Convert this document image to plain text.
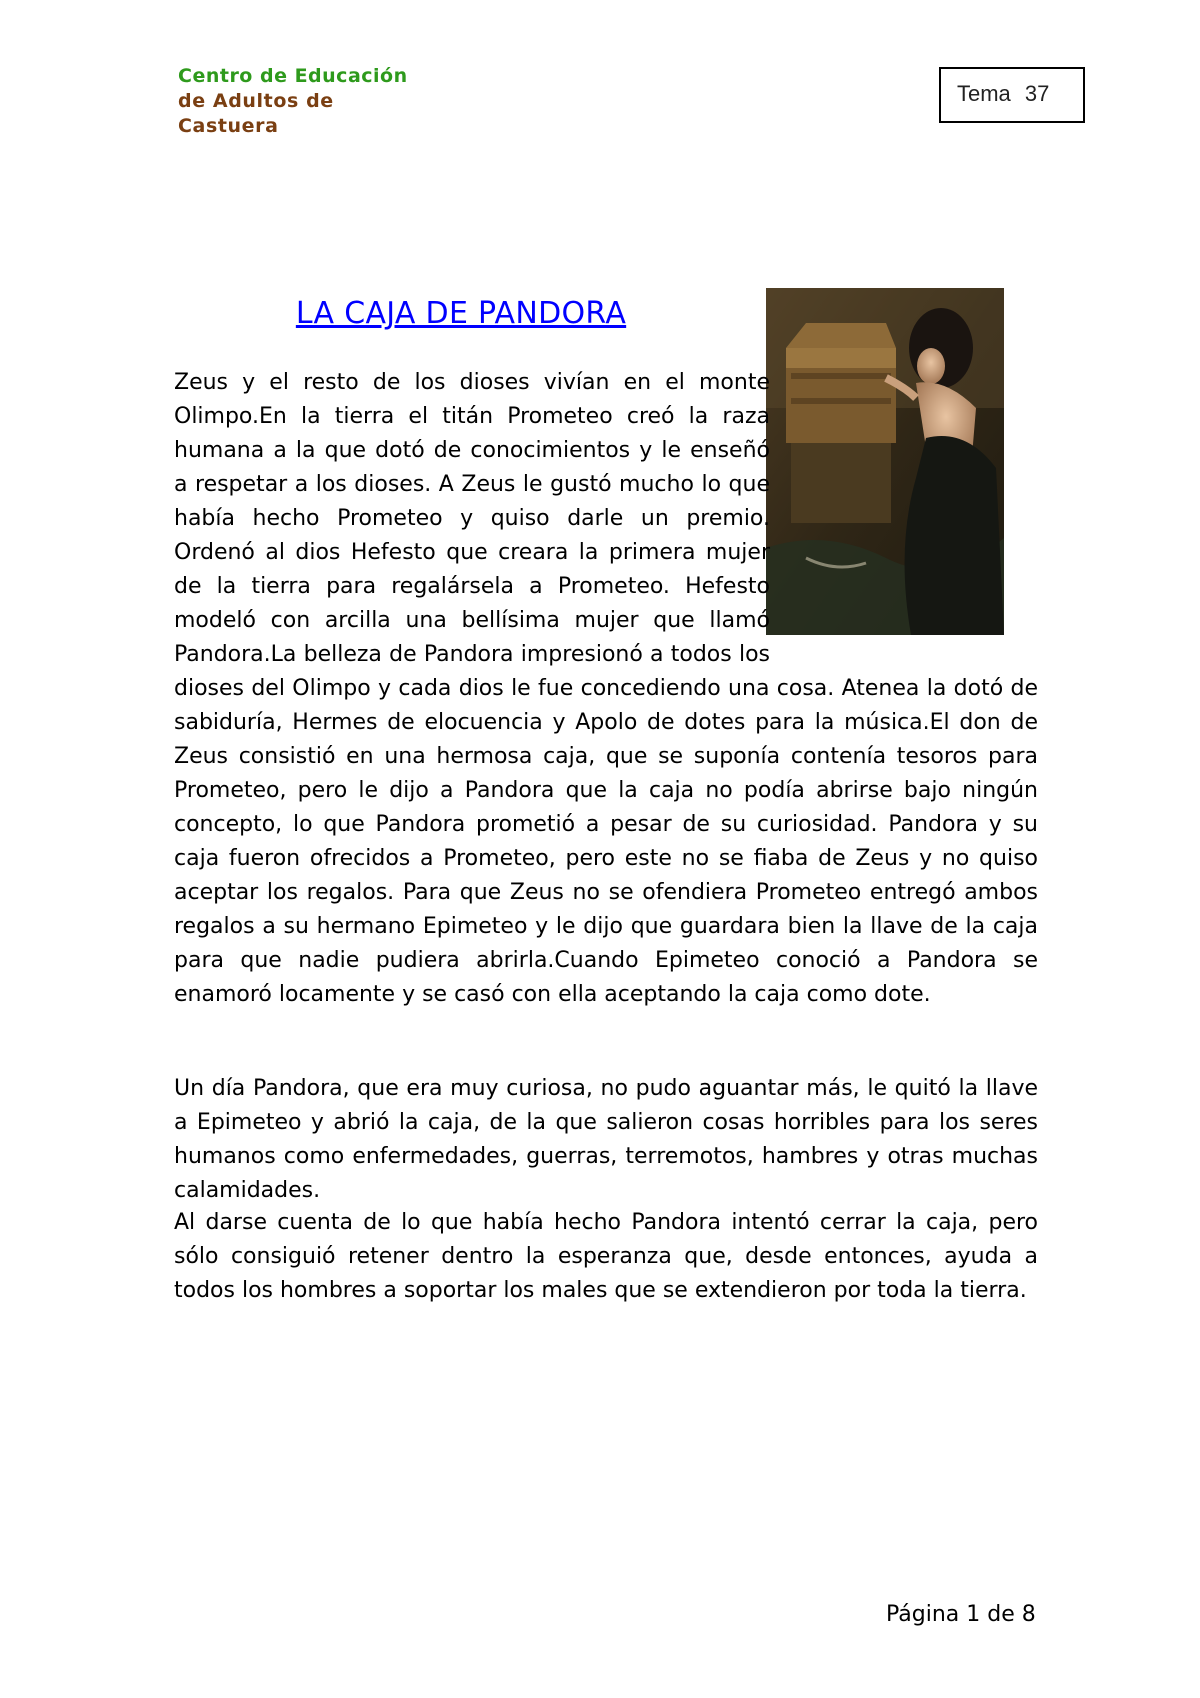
Centro de Educación
de Adultos de Castuera
Tema 37
LA CAJA DE PANDORA

Zeus y el resto de los dioses vivían en el monte Olimpo.En la tierra el titán Prometeo creó la raza humana a la que dotó de conocimientos y le enseñó a respetar a los dioses. A Zeus le gustó mucho lo que había hecho Prometeo y quiso darle un premio. Ordenó al dios Hefesto que creara la primera mujer de la tierra para regalársela a Prometeo. Hefesto modeló con arcilla una bellísima mujer que llamó Pandora.La belleza de Pandora impresionó a todos los dioses del Olimpo y cada dios le fue concediendo una cosa. Atenea la dotó de sabiduría, Hermes de elocuencia y Apolo de dotes para la música.El don de Zeus consistió en una hermosa caja, que se suponía contenía tesoros para Prometeo, pero le dijo a Pandora que la caja no podía abrirse bajo ningún concepto, lo que Pandora prometió a pesar de su curiosidad. Pandora y su caja fueron ofrecidos a Prometeo, pero este no se fiaba de Zeus y no quiso aceptar los regalos. Para que Zeus no se ofendiera Prometeo entregó ambos regalos a su hermano Epimeteo y le dijo que guardara bien la llave de la caja para que nadie pudiera abrirla.Cuando Epimeteo conoció a Pandora se enamoró locamente y se casó con ella aceptando la caja como dote.

Un día Pandora, que era muy curiosa, no pudo aguantar más, le quitó la llave a Epimeteo y abrió la caja, de la que salieron cosas horribles para los seres humanos como enfermedades, guerras, terremotos, hambres y otras muchas calamidades.

Al darse cuenta de lo que había hecho Pandora intentó cerrar la caja, pero sólo consiguió retener dentro la esperanza que, desde entonces, ayuda a todos los hombres a soportar los males que se extendieron por toda la tierra.

Página 1 de 8
